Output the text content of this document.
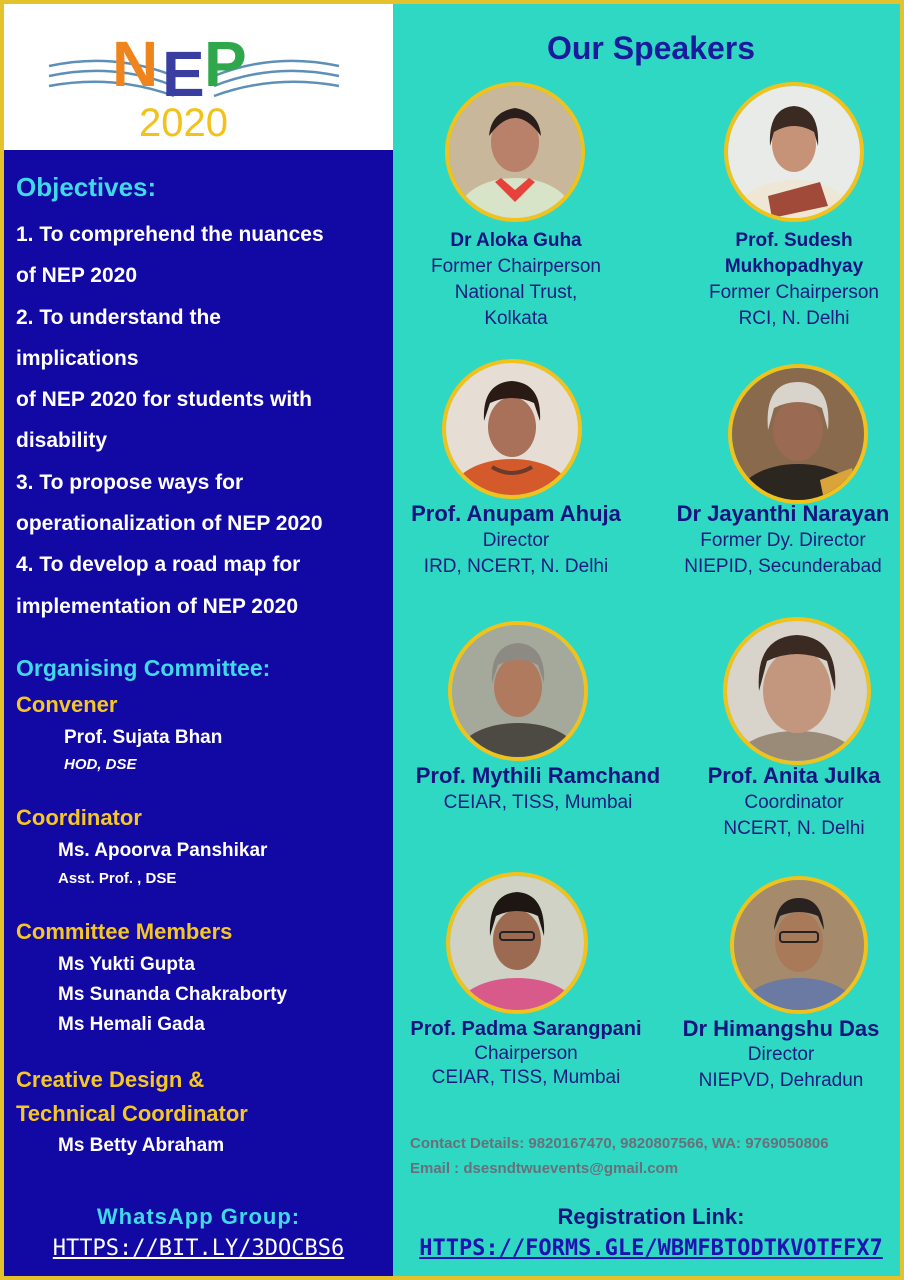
N E P
2020
Objectives:
1. To comprehend the nuances
of NEP 2020
2. To understand the
implications
of NEP 2020 for students with
disability
3. To propose ways for
operationalization of NEP 2020
4. To develop a road map for
implementation of NEP 2020
Organising Committee:
Convener
Prof. Sujata Bhan
HOD, DSE
Coordinator
Ms. Apoorva Panshikar
Asst. Prof. , DSE
Committee Members
Ms Yukti Gupta
Ms Sunanda Chakraborty
Ms Hemali Gada
Creative Design &
Technical Coordinator
Ms Betty Abraham
WhatsApp Group:
HTTPS://BIT.LY/3DOCBS6
Our Speakers
Dr Aloka Guha
Former Chairperson
National Trust,
Kolkata
Prof. Sudesh
Mukhopadhyay
Former Chairperson
RCI, N. Delhi
Prof. Anupam Ahuja
Director
IRD, NCERT, N. Delhi
Dr Jayanthi Narayan
Former Dy. Director
NIEPID, Secunderabad
Prof. Mythili Ramchand
CEIAR, TISS, Mumbai
Prof. Anita Julka
Coordinator
NCERT, N. Delhi
Prof. Padma Sarangpani
Chairperson
CEIAR, TISS, Mumbai
Dr Himangshu Das
Director
NIEPVD, Dehradun
Contact Details: 9820167470, 9820807566, WA: 9769050806
Email : dsesndtwuevents@gmail.com
Registration Link:
HTTPS://FORMS.GLE/WBMFBTODTKVOTFFX7
